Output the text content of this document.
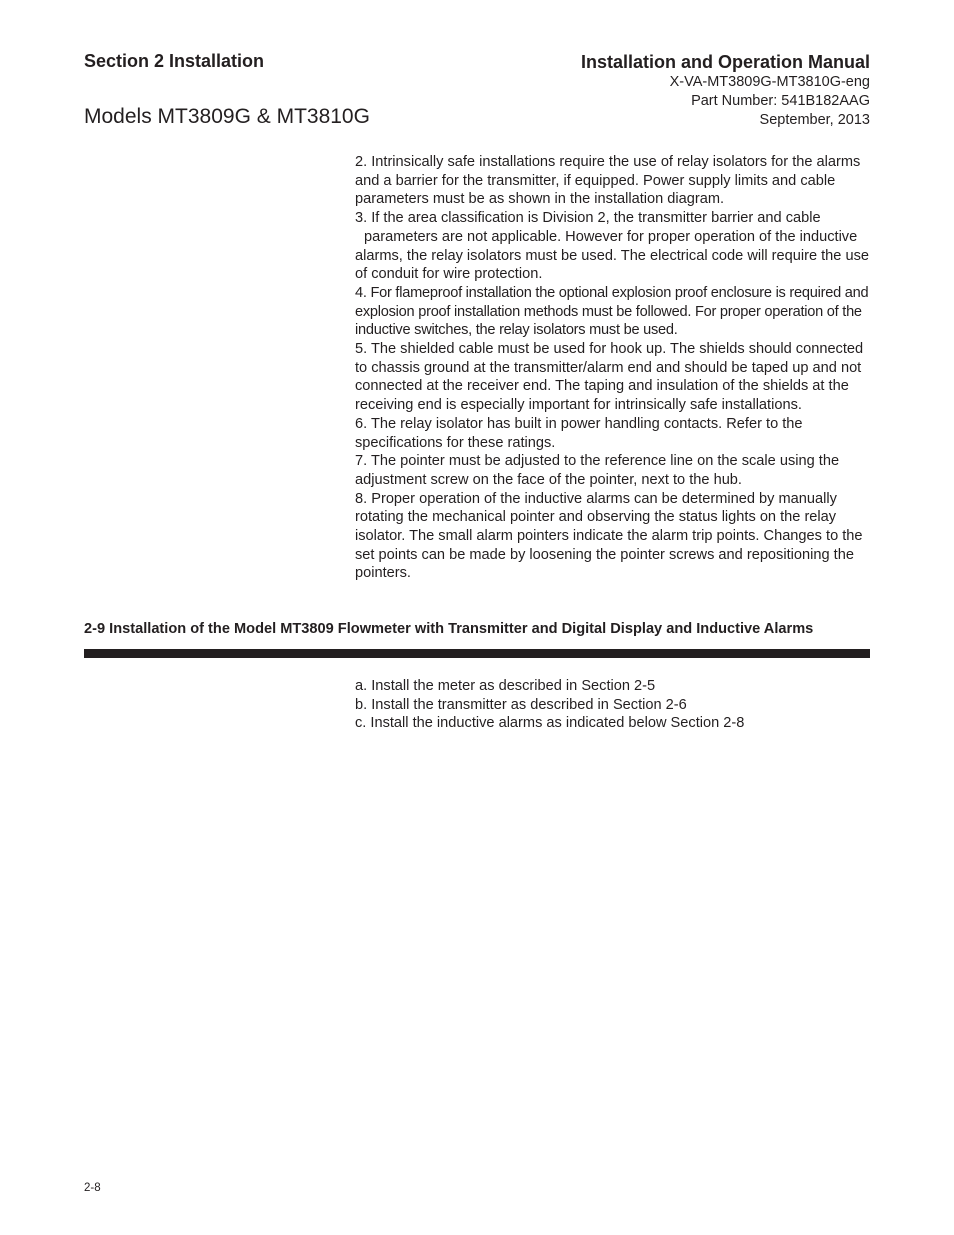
Section 2 Installation
Models MT3809G & MT3810G
Installation and Operation Manual
X-VA-MT3809G-MT3810G-eng
Part Number: 541B182AAG
September, 2013

2. Intrinsically safe installations require the use of relay isolators for the alarms and a barrier for the transmitter, if equipped. Power supply limits and cable parameters must be as shown in the installation diagram.

3. If the area classification is Division 2, the transmitter barrier and cable

parameters are not applicable. However for proper operation of the inductive alarms, the relay isolators must be used. The electrical code will require the use of conduit for wire protection.

4. For flameproof installation the optional explosion proof enclosure is required and explosion proof installation methods must be followed. For proper operation of the inductive switches, the relay isolators must be used.

5. The shielded cable must be used for hook up. The shields should connected to chassis ground at the transmitter/alarm end and should be taped up and not connected at the receiver end. The taping and insulation of the shields at the receiving end is especially important for intrinsically safe installations.

6. The relay isolator has built in power handling contacts. Refer to the specifications for these ratings.

7. The pointer must be adjusted to the reference line on the scale using the adjustment screw on the face of the pointer, next to the hub.

8. Proper operation of the inductive alarms can be determined by manually rotating the mechanical pointer and observing the status lights on the relay isolator. The small alarm pointers indicate the alarm trip points. Changes to the set points can be made by loosening the pointer screws and repositioning the pointers.

2-9 Installation of the Model MT3809 Flowmeter with Transmitter and Digital Display and Inductive Alarms

a. Install the meter as described in Section 2-5

b. Install the transmitter as described in Section 2-6

c. Install the inductive alarms as indicated below Section 2-8

2-8
